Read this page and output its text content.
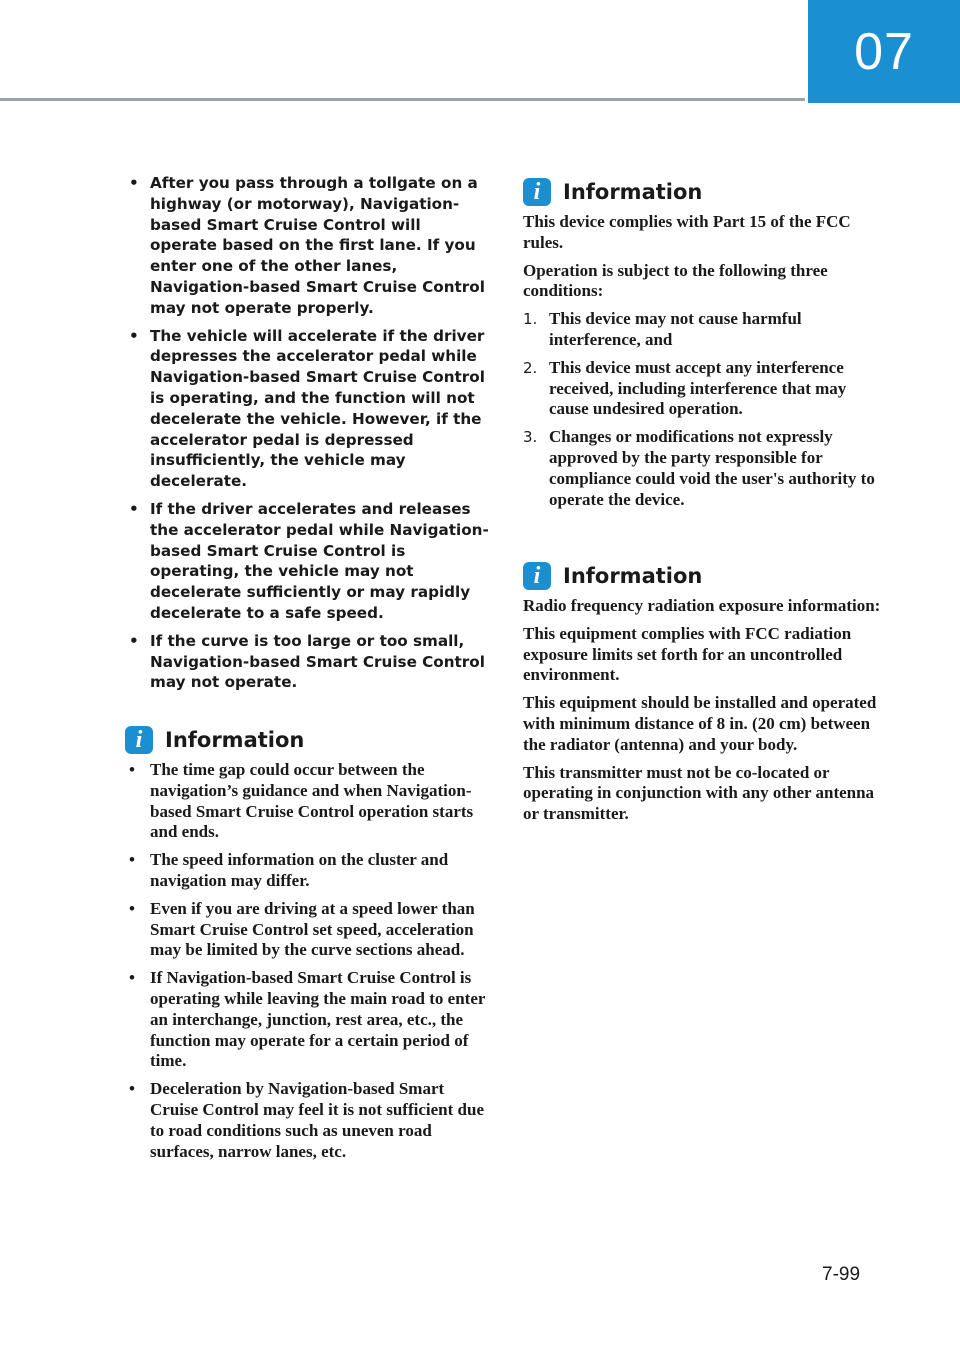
07
• After you pass through a tollgate on a highway (or motorway), Navigation-based Smart Cruise Control will operate based on the first lane. If you enter one of the other lanes, Navigation-based Smart Cruise Control may not operate properly.
• The vehicle will accelerate if the driver depresses the accelerator pedal while Navigation-based Smart Cruise Control is operating, and the function will not decelerate the vehicle. However, if the accelerator pedal is depressed insufficiently, the vehicle may decelerate.
• If the driver accelerates and releases the accelerator pedal while Navigation-based Smart Cruise Control is operating, the vehicle may not decelerate sufficiently or may rapidly decelerate to a safe speed.
• If the curve is too large or too small, Navigation-based Smart Cruise Control may not operate.
i	Information
• The time gap could occur between the navigation’s guidance and when Navigation-based Smart Cruise Control operation starts and ends.
• The speed information on the cluster and navigation may differ.
• Even if you are driving at a speed lower than Smart Cruise Control set speed, acceleration may be limited by the curve sections ahead.
• If Navigation-based Smart Cruise Control is operating while leaving the main road to enter an interchange, junction, rest area, etc., the function may operate for a certain period of time.
• Deceleration by Navigation-based Smart Cruise Control may feel it is not sufficient due to road conditions such as uneven road surfaces, narrow lanes, etc.
i	Information

This device complies with Part 15 of the FCC rules.

Operation is subject to the following three conditions:

1. This device may not cause harmful interference, and
2. This device must accept any interference received, including interference that may cause undesired operation.
3. Changes or modifications not expressly approved by the party responsible for compliance could void the user's authority to operate the device.
i	Information

Radio frequency radiation exposure information:

This equipment complies with FCC radiation exposure limits set forth for an uncontrolled environment.

This equipment should be installed and operated with minimum distance of 8 in. (20 cm) between the radiator (antenna) and your body.

This transmitter must not be co-located or operating in conjunction with any other antenna or transmitter.

7-99
